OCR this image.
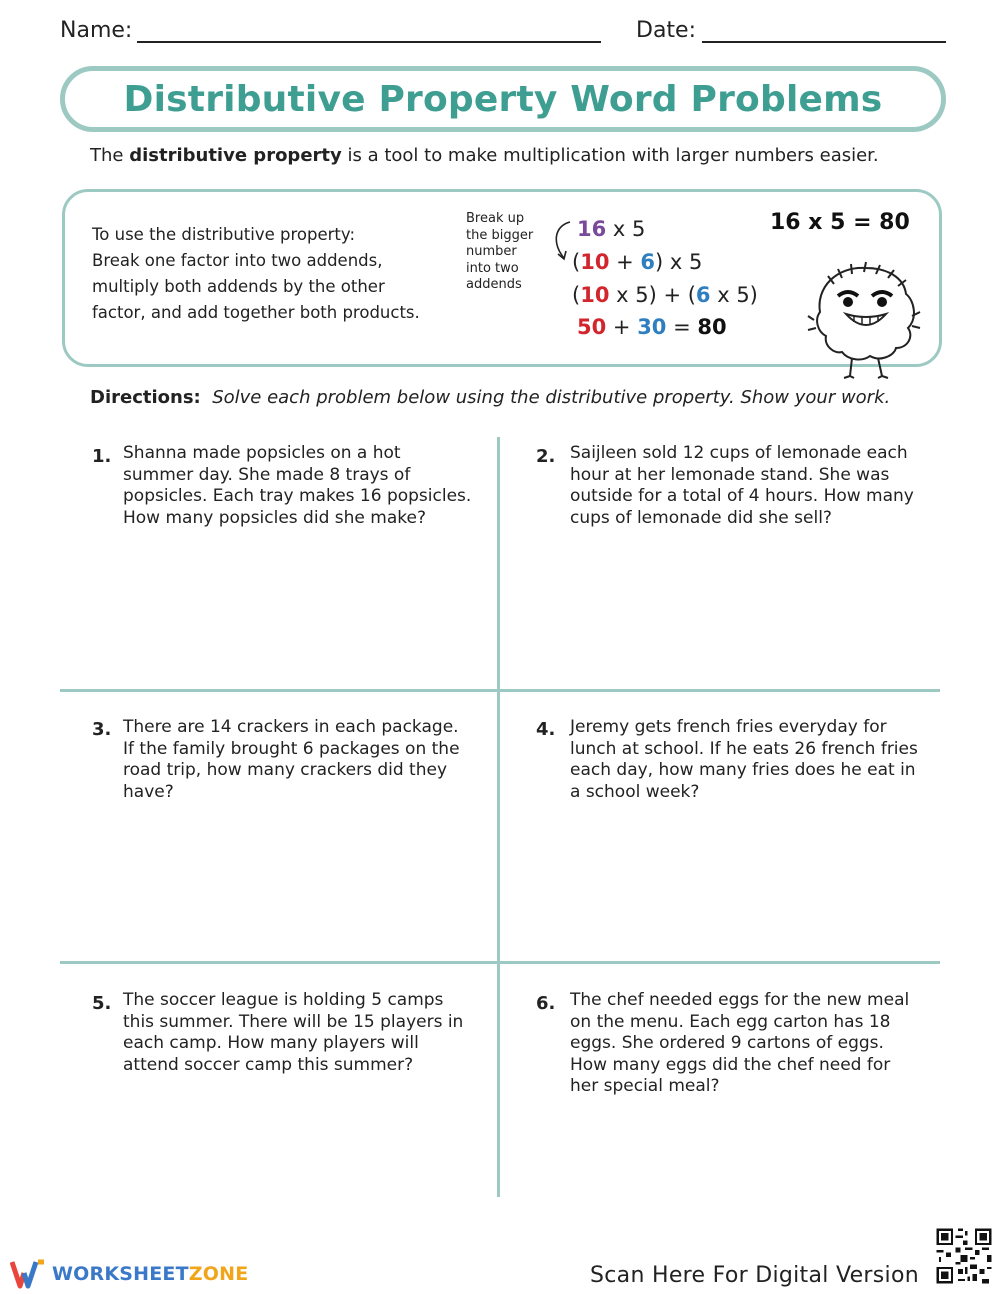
Name:	Date:
Distributive Property Word Problems
The distributive property is a tool to make multiplication with larger numbers easier.
To use the distributive property:
Break one factor into two addends,
multiply both addends by the other
factor, and add together both products.
Break up
the bigger
number
into two
addends
16 x 5
(10 + 6) x 5
(10 x 5) + (6 x 5)
50 + 30 = 80
16 x 5 = 80
Directions: Solve each problem below using the distributive property. Show your work.
1. Shanna made popsicles on a hot summer day. She made 8 trays of popsicles. Each tray makes 16 popsicles. How many popsicles did she make?
2. Saijleen sold 12 cups of lemonade each hour at her lemonade stand. She was outside for a total of 4 hours. How many cups of lemonade did she sell?
3. There are 14 crackers in each package. If the family brought 6 packages on the road trip, how many crackers did they have?
4. Jeremy gets french fries everyday for lunch at school. If he eats 26 french fries each day, how many fries does he eat in a school week?
5. The soccer league is holding 5 camps this summer. There will be 15 players in each camp. How many players will attend soccer camp this summer?
6. The chef needed eggs for the new meal on the menu. Each egg carton has 18 eggs. She ordered 9 cartons of eggs. How many eggs did the chef need for her special meal?
WORKSHEETZONE	Scan Here For Digital Version
